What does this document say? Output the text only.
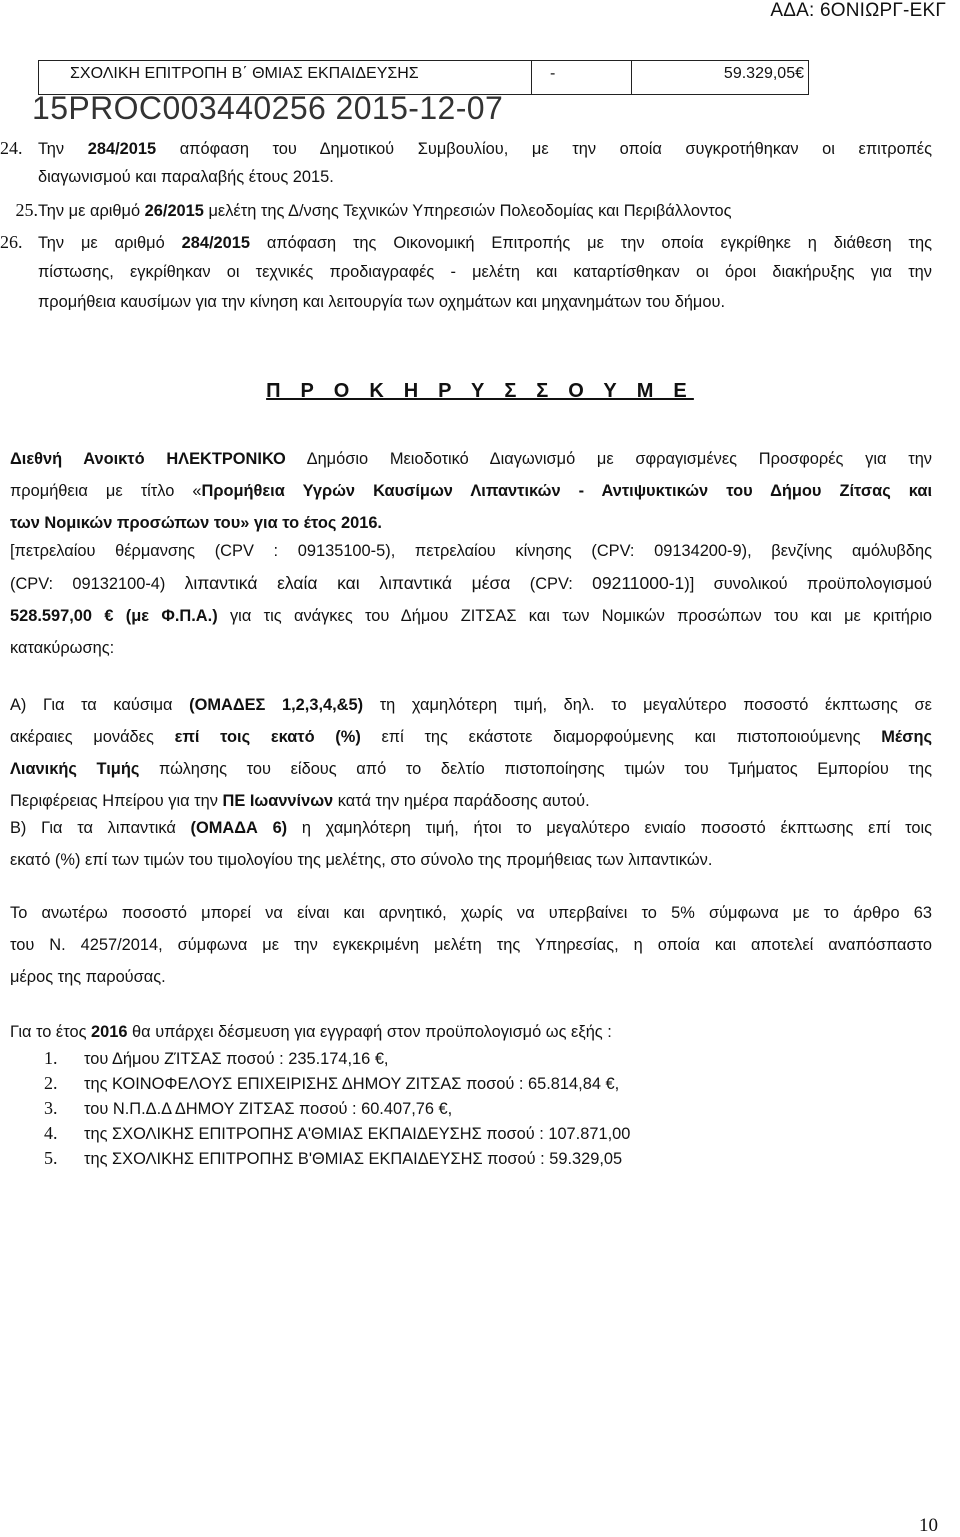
ΑΔΑ: 6ΟΝΙΩΡΓ-ΕΚΓ
ΣΧΟΛΙΚΗ ΕΠΙΤΡΟΠΗ Β΄ ΘΜΙΑΣ ΕΚΠΑΙΔΕΥΣΗΣ	-	59.329,05€
15PROC003440256 2015-12-07
24. Την 284/2015 απόφαση του Δημοτικού Συμβουλίου, με την οποία συγκροτήθηκαν οι επιτροπές
διαγωνισμού και παραλαβής έτους 2015.
25.Την με αριθμό 26/2015 μελέτη της Δ/νσης Τεχνικών Υπηρεσιών Πολεοδομίας και Περιβάλλοντος
26. Την με αριθμό 284/2015 απόφαση της Οικονομική Επιτροπής με την οποία εγκρίθηκε η διάθεση της
πίστωσης, εγκρίθηκαν οι τεχνικές προδιαγραφές - μελέτη και καταρτίσθηκαν οι όροι διακήρυξης για την
προμήθεια καυσίμων για την κίνηση και λειτουργία των οχημάτων και μηχανημάτων του δήμου.
Π Ρ Ο Κ Η Ρ Υ Σ Σ Ο Υ Μ Ε
Διεθνή Ανοικτό ΗΛΕΚΤΡΟΝΙΚΟ Δημόσιο Μειοδοτικό Διαγωνισμό με σφραγισμένες Προσφορές για την
προμήθεια με τίτλο «Προμήθεια Υγρών Καυσίμων Λιπαντικών - Αντιψυκτικών του Δήμου Ζίτσας και
των Νομικών προσώπων του» για το έτος 2016.
[πετρελαίου θέρμανσης (CPV : 09135100-5), πετρελαίου κίνησης (CPV: 09134200-9), βενζίνης αμόλυβδης
(CPV: 09132100-4) λιπαντικά ελαία και λιπαντικά μέσα (CPV: 09211000-1)] συνολικού προϋπολογισμού
528.597,00 € (με Φ.Π.Α.) για τις ανάγκες του Δήμου ΖΙΤΣΑΣ και των Νομικών προσώπων του και με κριτήριο
κατακύρωσης:
Α) Για τα καύσιμα (ΟΜΑΔΕΣ 1,2,3,4,&5) τη χαμηλότερη τιμή, δηλ. το μεγαλύτερο ποσοστό έκπτωσης σε
ακέραιες μονάδες επί τοις εκατό (%) επί της εκάστοτε διαμορφούμενης και πιστοποιούμενης Μέσης
Λιανικής Τιμής πώλησης του είδους από το δελτίο πιστοποίησης τιμών του Τμήματος Εμπορίου της
Περιφέρειας Ηπείρου για την ΠΕ Ιωαννίνων κατά την ημέρα παράδοσης αυτού.
Β) Για τα λιπαντικά (ΟΜΑΔΑ 6) η χαμηλότερη τιμή, ήτοι το μεγαλύτερο ενιαίο ποσοστό έκπτωσης επί τοις
εκατό (%) επί των τιμών του τιμολογίου της μελέτης, στο σύνολο της προμήθειας των λιπαντικών.
Το ανωτέρω ποσοστό μπορεί να είναι και αρνητικό, χωρίς να υπερβαίνει το 5% σύμφωνα με το άρθρο 63
του Ν. 4257/2014, σύμφωνα με την εγκεκριμένη μελέτη της Υπηρεσίας, η οποία και αποτελεί αναπόσπαστο
μέρος της παρούσας.
Για το έτος 2016 θα υπάρχει δέσμευση για εγγραφή στον προϋπολογισμό ως εξής :
1. του Δήμου ΖΊΤΣΑΣ ποσού : 235.174,16 €,
2. της ΚΟΙΝΟΦΕΛΟΥΣ ΕΠΙΧΕΙΡΙΣΗΣ ΔΗΜΟΥ ΖΙΤΣΑΣ ποσού : 65.814,84 €,
3. του Ν.Π.Δ.Δ ΔΗΜΟΥ ΖΙΤΣΑΣ ποσού : 60.407,76 €,
4. της ΣΧΟΛΙΚΗΣ ΕΠΙΤΡΟΠΗΣ Α'ΘΜΙΑΣ ΕΚΠΑΙΔΕΥΣΗΣ ποσού : 107.871,00
5. της ΣΧΟΛΙΚΗΣ ΕΠΙΤΡΟΠΗΣ Β'ΘΜΙΑΣ ΕΚΠΑΙΔΕΥΣΗΣ ποσού : 59.329,05
10
